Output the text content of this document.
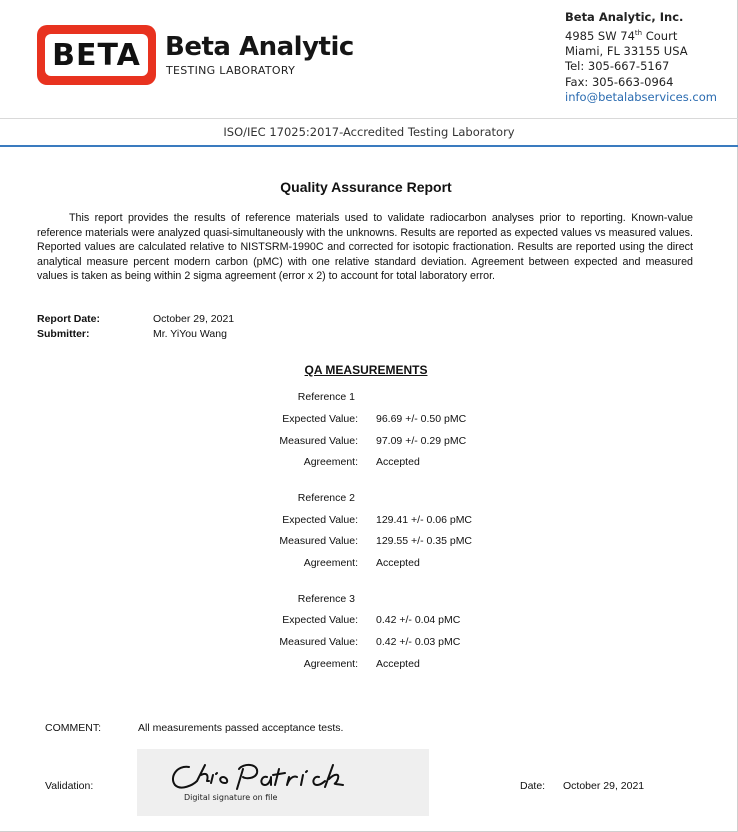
BETA Beta Analytic
TESTING LABORATORY
Beta Analytic, Inc.
4985 SW 74th Court
Miami, FL 33155 USA
Tel: 305-667-5167
Fax: 305-663-0964
info@betalabservices.com
ISO/IEC 17025:2017-Accredited Testing Laboratory
Quality Assurance Report

This report provides the results of reference materials used to validate radiocarbon analyses prior to reporting. Known-value reference materials were analyzed quasi-simultaneously with the unknowns. Results are reported as expected values vs measured values. Reported values are calculated relative to NISTSRM-1990C and corrected for isotopic fractionation. Results are reported using the direct analytical measure percent modern carbon (pMC) with one relative standard deviation. Agreement between expected and measured values is taken as being within 2 sigma agreement (error x 2) to account for total laboratory error.

Report Date:	October 29, 2021
Submitter:	Mr. YiYou Wang
QA MEASUREMENTS
Reference 1
Expected Value: 96.69 +/- 0.50 pMC
Measured Value: 97.09 +/- 0.29 pMC
Agreement: Accepted
Reference 2
Expected Value: 129.41 +/- 0.06 pMC
Measured Value: 129.55 +/- 0.35 pMC
Agreement: Accepted
Reference 3
Expected Value: 0.42 +/- 0.04 pMC
Measured Value: 0.42 +/- 0.03 pMC
Agreement: Accepted
COMMENT:	All measurements passed acceptance tests.
Validation:
Chris Patrick
Digital signature on file
Date: October 29, 2021
